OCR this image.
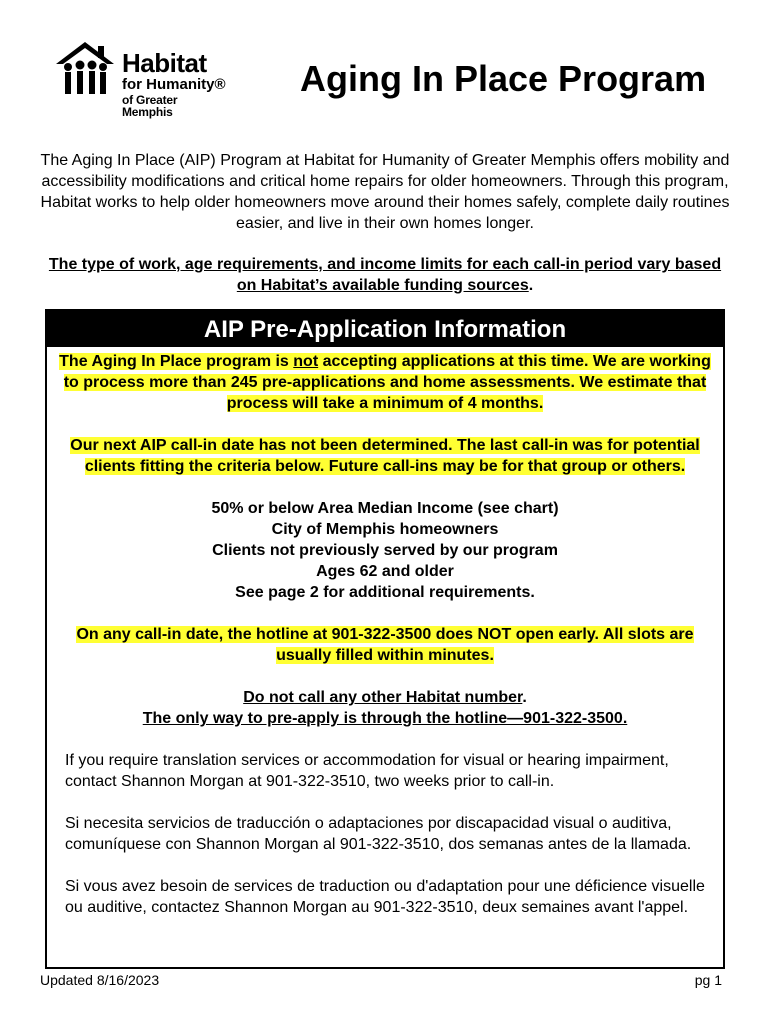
Habitat
for Humanity®
of Greater Memphis
Aging In Place Program

The Aging In Place (AIP) Program at Habitat for Humanity of Greater Memphis offers mobility and accessibility modifications and critical home repairs for older homeowners. Through this program, Habitat works to help older homeowners move around their homes safely, complete daily routines easier, and live in their own homes longer.

The type of work, age requirements, and income limits for each call-in period vary based on Habitat’s available funding sources.

AIP Pre-Application Information

The Aging In Place program is not accepting applications at this time. We are working to process more than 245 pre-applications and home assessments. We estimate that process will take a minimum of 4 months.

Our next AIP call-in date has not been determined. The last call-in was for potential clients fitting the criteria below. Future call-ins may be for that group or others.

50% or below Area Median Income (see chart)

City of Memphis homeowners

Clients not previously served by our program

Ages 62 and older

See page 2 for additional requirements.

On any call-in date, the hotline at 901-322-3500 does NOT open early. All slots are usually filled within minutes.

Do not call any other Habitat number.

The only way to pre-apply is through the hotline—901-322-3500.

If you require translation services or accommodation for visual or hearing impairment, contact Shannon Morgan at 901-322-3510, two weeks prior to call-in.

Si necesita servicios de traducción o adaptaciones por discapacidad visual o auditiva, comuníquese con Shannon Morgan al 901-322-3510, dos semanas antes de la llamada.

Si vous avez besoin de services de traduction ou d'adaptation pour une déficience visuelle ou auditive, contactez Shannon Morgan au 901-322-3510, deux semaines avant l'appel.

Updated 8/16/2023	pg 1
